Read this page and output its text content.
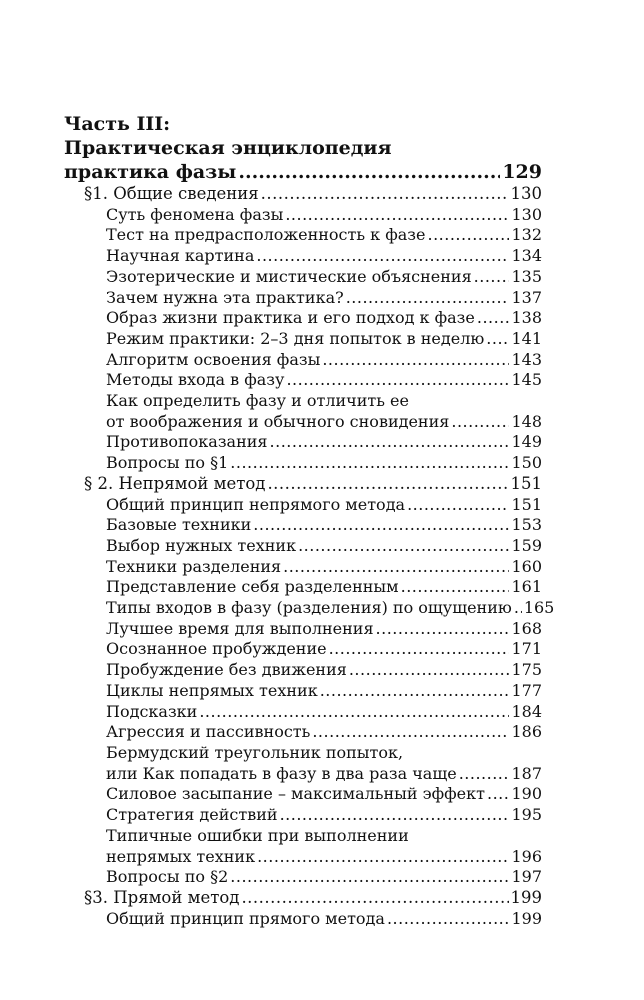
Часть III:
Практическая энциклопедия
практика фазы .....	129
§1. Общие сведения .....	130
Суть феномена фазы .....	130
Тест на предрасположенность к фазе .....	132
Научная картина .....	134
Эзотерические и мистические объяснения ..... 135
Зачем нужна эта практика? .....	137
Образ жизни практика и его подход к фазе ..... 138
Режим практики: 2–3 дня попыток в неделю ..... 141
Алгоритм освоения фазы .....	143
Методы входа в фазу .....	145
Как определить фазу и отличить ее
от воображения и обычного сновидения .....	148
Противопоказания .....	149
Вопросы по §1 .....	150
§ 2. Непрямой метод .....	151
Общий принцип непрямого метода .....	151
Базовые техники .....	153
Выбор нужных техник .....	159
Техники разделения .....	160
Представление себя разделенным .....	161
Типы входов в фазу (разделения) по ощущению ..... 165
Лучшее время для выполнения .....	168
Осознанное пробуждение .....	171
Пробуждение без движения .....	175
Циклы непрямых техник .....	177
Подсказки .....	184
Агрессия и пассивность .....	186
Бермудский треугольник попыток,
или Как попадать в фазу в два раза чаще .....	187
Силовое засыпание – максимальный эффект ..... 190
Стратегия действий .....	195
Типичные ошибки при выполнении
непрямых техник .....	196
Вопросы по §2 .....	197
§3. Прямой метод .....	199
Общий принцип прямого метода .....	199
